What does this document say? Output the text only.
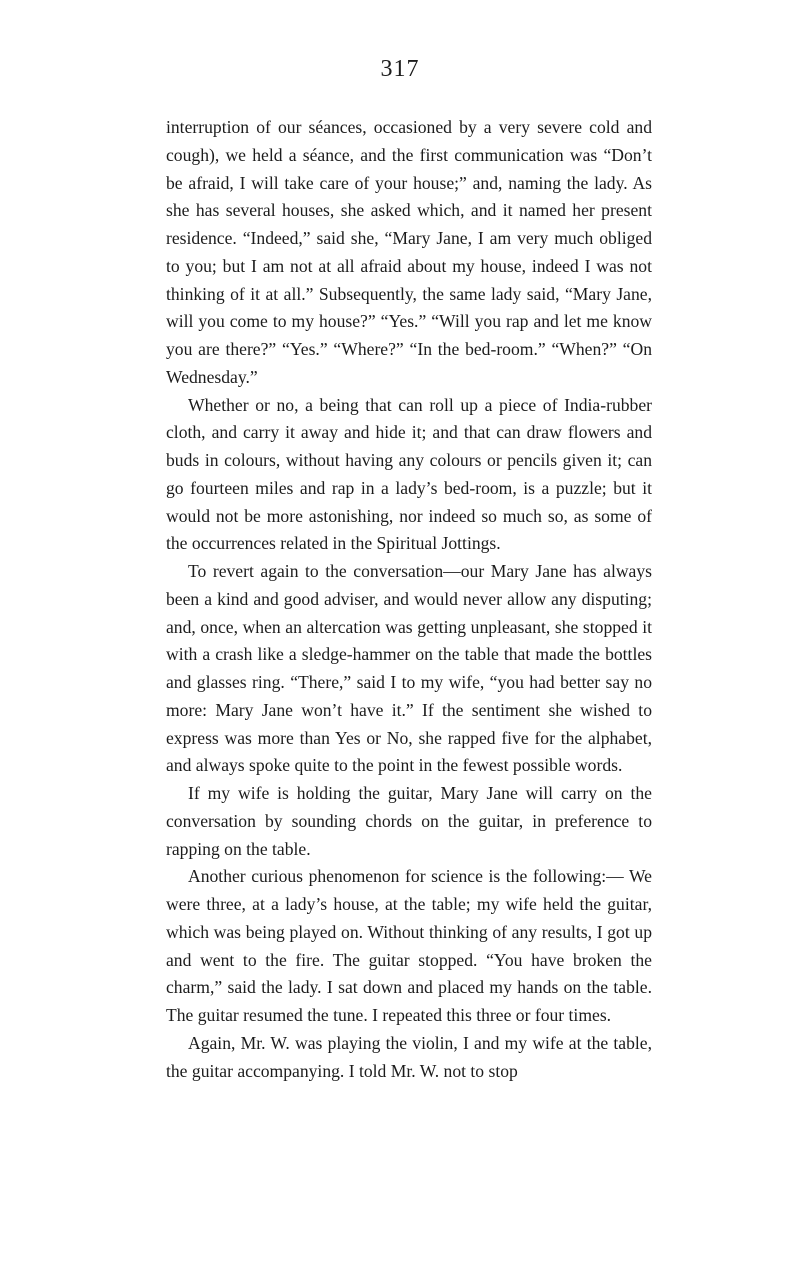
317

interruption of our séances, occasioned by a very severe cold and cough), we held a séance, and the first communication was “Don’t be afraid, I will take care of your house;” and, naming the lady. As she has several houses, she asked which, and it named her present residence. “Indeed,” said she, “Mary Jane, I am very much obliged to you; but I am not at all afraid about my house, indeed I was not thinking of it at all.” Subsequently, the same lady said, “Mary Jane, will you come to my house?” “Yes.” “Will you rap and let me know you are there?” “Yes.” “Where?” “In the bed-room.” “When?” “On Wednesday.”

Whether or no, a being that can roll up a piece of India-rubber cloth, and carry it away and hide it; and that can draw flowers and buds in colours, without having any colours or pencils given it; can go fourteen miles and rap in a lady’s bed-room, is a puzzle; but it would not be more astonishing, nor indeed so much so, as some of the occurrences related in the Spiritual Jottings.

To revert again to the conversation—our Mary Jane has always been a kind and good adviser, and would never allow any disputing; and, once, when an altercation was getting unpleasant, she stopped it with a crash like a sledge-hammer on the table that made the bottles and glasses ring. “There,” said I to my wife, “you had better say no more: Mary Jane won’t have it.” If the sentiment she wished to express was more than Yes or No, she rapped five for the alphabet, and always spoke quite to the point in the fewest possible words.

If my wife is holding the guitar, Mary Jane will carry on the conversation by sounding chords on the guitar, in preference to rapping on the table.

Another curious phenomenon for science is the following:— We were three, at a lady’s house, at the table; my wife held the guitar, which was being played on. Without thinking of any results, I got up and went to the fire. The guitar stopped. “You have broken the charm,” said the lady. I sat down and placed my hands on the table. The guitar resumed the tune. I repeated this three or four times.

Again, Mr. W. was playing the violin, I and my wife at the table, the guitar accompanying. I told Mr. W. not to stop
